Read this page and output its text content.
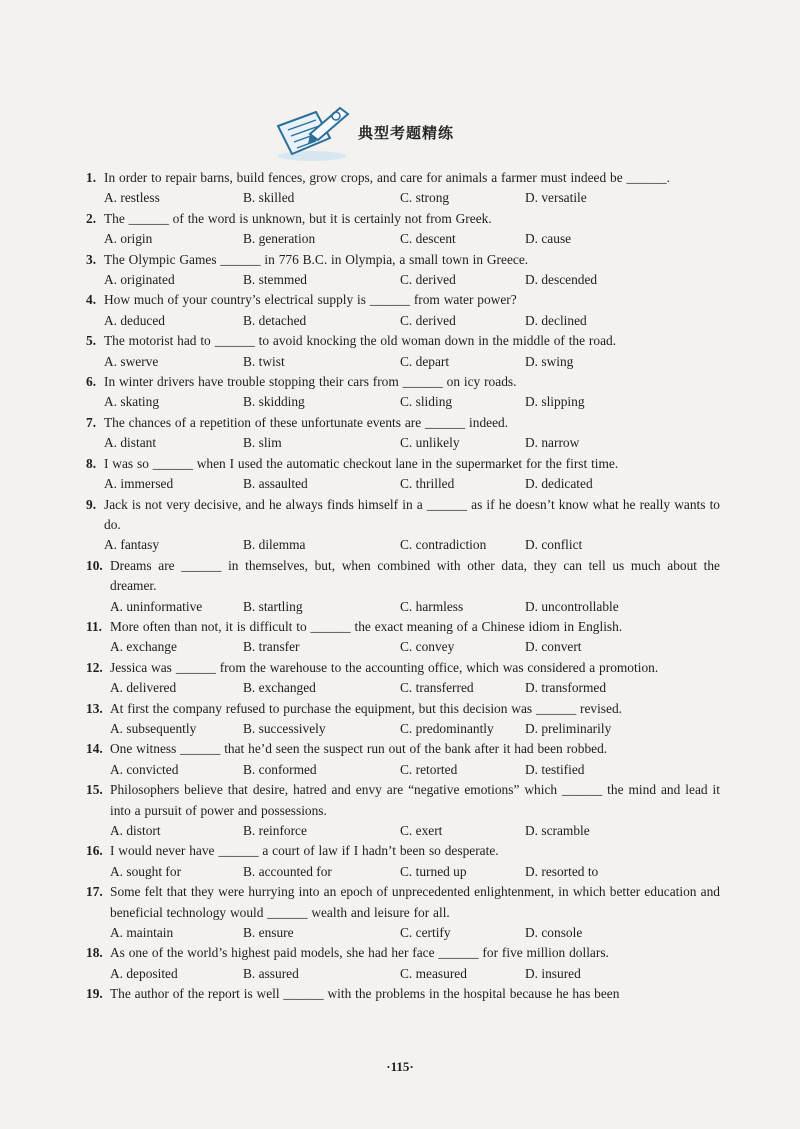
典型考题精练
1. In order to repair barns, build fences, grow crops, and care for animals a farmer must indeed be ______.
A. restless	B. skilled	C. strong	D. versatile
2. The ______ of the word is unknown, but it is certainly not from Greek.
A. origin	B. generation	C. descent	D. cause
3. The Olympic Games ______ in 776 B.C. in Olympia, a small town in Greece.
A. originated	B. stemmed	C. derived	D. descended
4. How much of your country’s electrical supply is ______ from water power?
A. deduced	B. detached	C. derived	D. declined
5. The motorist had to ______ to avoid knocking the old woman down in the middle of the road.
A. swerve	B. twist	C. depart	D. swing
6. In winter drivers have trouble stopping their cars from ______ on icy roads.
A. skating	B. skidding	C. sliding	D. slipping
7. The chances of a repetition of these unfortunate events are ______ indeed.
A. distant	B. slim	C. unlikely	D. narrow
8. I was so ______ when I used the automatic checkout lane in the supermarket for the first time.
A. immersed	B. assaulted	C. thrilled	D. dedicated
9. Jack is not very decisive, and he always finds himself in a ______ as if he doesn’t know what he really wants to do.
A. fantasy	B. dilemma	C. contradiction	D. conflict
10. Dreams are ______ in themselves, but, when combined with other data, they can tell us much about the dreamer.
A. uninformative	B. startling	C. harmless	D. uncontrollable
11. More often than not, it is difficult to ______ the exact meaning of a Chinese idiom in English.
A. exchange	B. transfer	C. convey	D. convert
12. Jessica was ______ from the warehouse to the accounting office, which was considered a promotion.
A. delivered	B. exchanged	C. transferred	D. transformed
13. At first the company refused to purchase the equipment, but this decision was ______ revised.
A. subsequently	B. successively	C. predominantly	D. preliminarily
14. One witness ______ that he’d seen the suspect run out of the bank after it had been robbed.
A. convicted	B. conformed	C. retorted	D. testified
15. Philosophers believe that desire, hatred and envy are “negative emotions” which ______ the mind and lead it into a pursuit of power and possessions.
A. distort	B. reinforce	C. exert	D. scramble
16. I would never have ______ a court of law if I hadn’t been so desperate.
A. sought for	B. accounted for	C. turned up	D. resorted to
17. Some felt that they were hurrying into an epoch of unprecedented enlightenment, in which better education and beneficial technology would ______ wealth and leisure for all.
A. maintain	B. ensure	C. certify	D. console
18. As one of the world’s highest paid models, she had her face ______ for five million dollars.
A. deposited	B. assured	C. measured	D. insured
19. The author of the report is well ______ with the problems in the hospital because he has been
·115·
